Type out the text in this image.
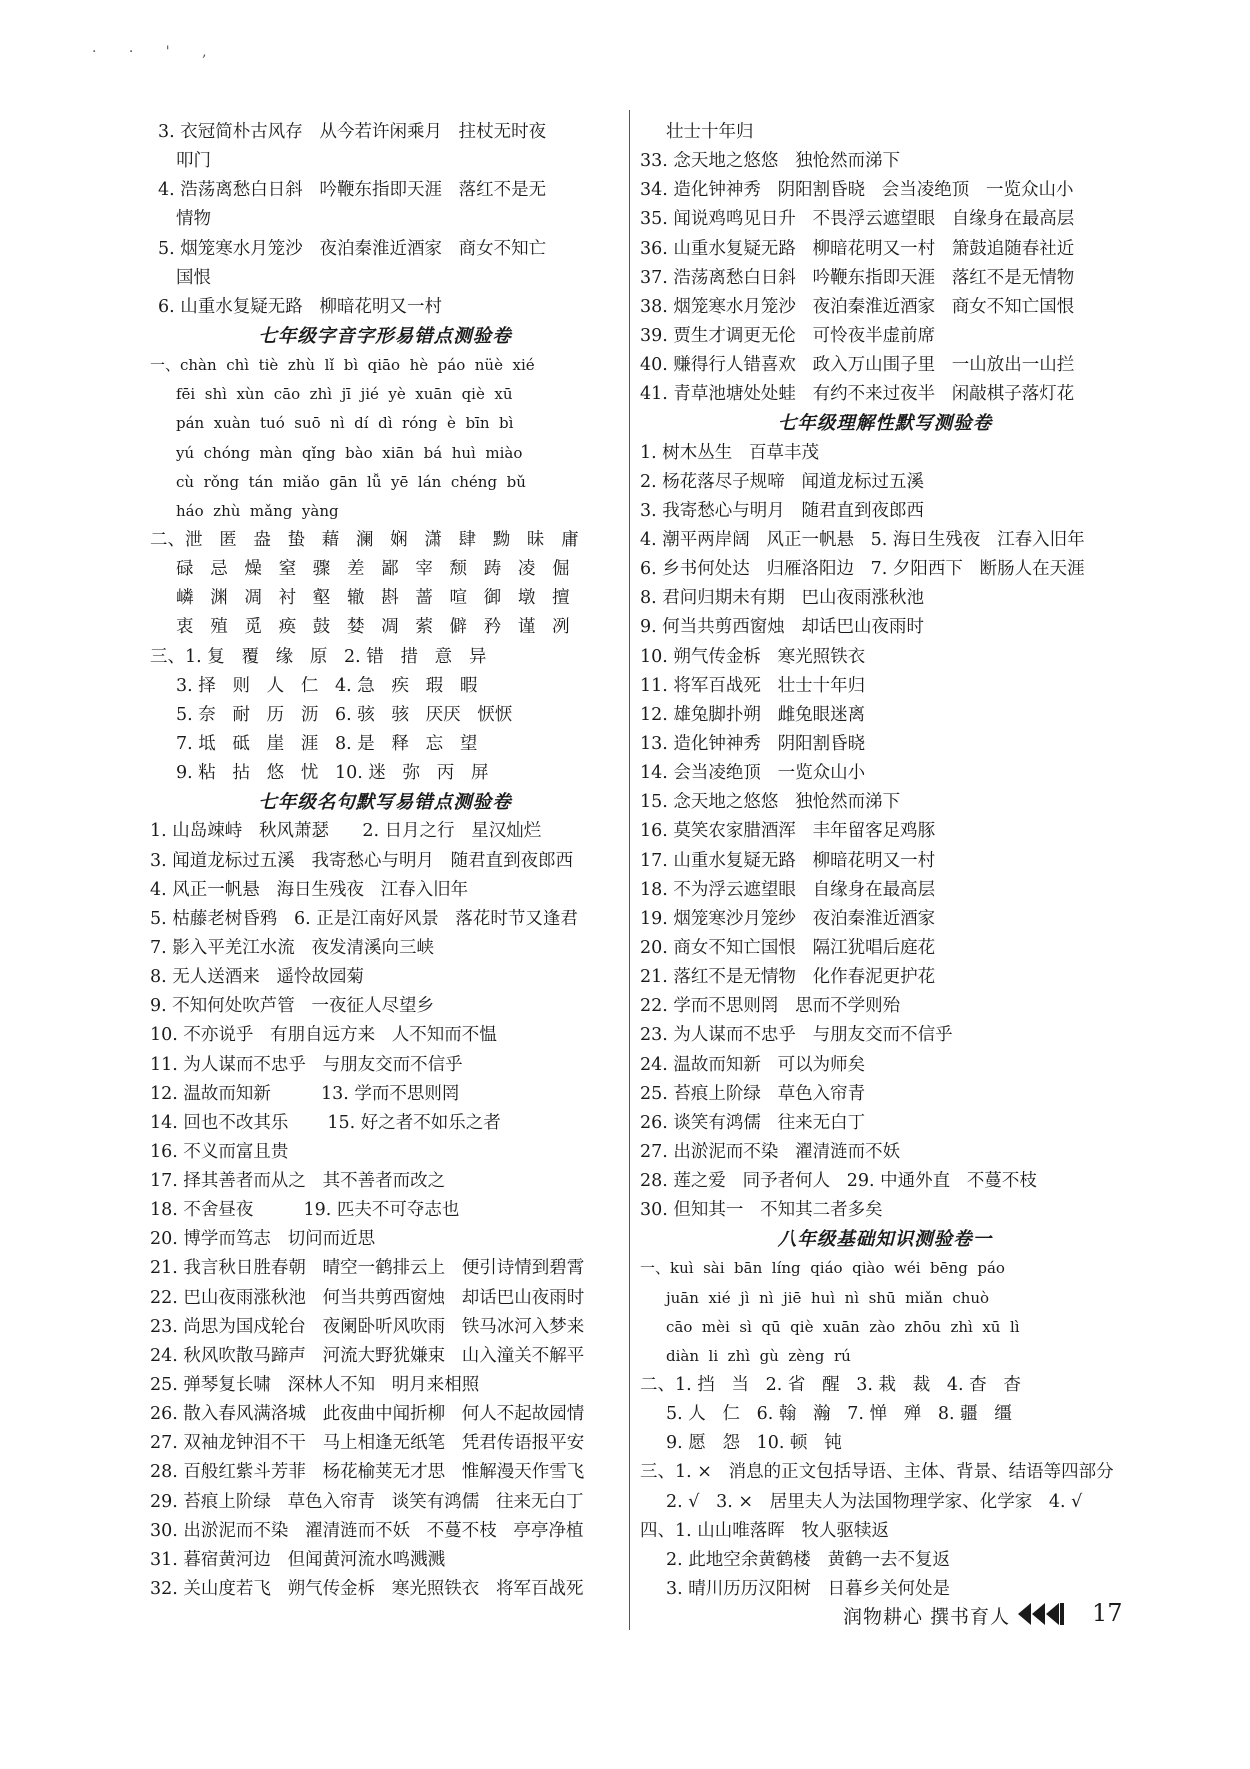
· · ' ,
3. 衣冠简朴古风存   从今若许闲乘月   拄杖无时夜
叩门
4. 浩荡离愁白日斜   吟鞭东指即天涯   落红不是无
情物
5. 烟笼寒水月笼沙   夜泊秦淮近酒家   商女不知亡
国恨
6. 山重水复疑无路   柳暗花明又一村
七年级字音字形易错点测验卷
一、chàn  chì  tiè  zhù  lǐ  bì  qiāo  hè  páo  nüè  xié
fēi  shì  xùn  cāo  zhì  jī  jié  yè  xuān  qiè  xū
pán  xuàn  tuó  suō  nì  dí  dì  róng  è  bīn  bì
yú  chóng  màn  qǐng  bào  xiān  bá  huì  miào
cù  rǒng  tán  miǎo  gān  lǚ  yē  lán  chéng  bǔ
háo  zhù  mǎng  yàng
二、泄   匿   盎   蛰   藉   澜   娴   潇   肆   黝   昧   庸
碌   忌   燥   窒   骤   差   鄙   宰   颓   踌   凌   倔
嶙   渊   凋   衬   壑   辙   斟   蔷   喧   御   墩   擅
衷   殖   觅   痪   鼓   婪   凋   萦   僻   矜   谨   冽
三、1. 复   覆   缘   原   2. 错   措   意   异
3. 择   则   人   仁   4. 急   疾   瑕   暇
5. 奈   耐   历   沥   6. 骇   骇   厌厌   恹恹
7. 坻   砥   崖   涯   8. 是   释   忘   望
9. 粘   拈   悠   忧   10. 迷   弥   丙   屏
七年级名句默写易错点测验卷
1. 山岛竦峙   秋风萧瑟      2. 日月之行   星汉灿烂
3. 闻道龙标过五溪   我寄愁心与明月   随君直到夜郎西
4. 风正一帆悬   海日生残夜   江春入旧年
5. 枯藤老树昏鸦   6. 正是江南好风景   落花时节又逢君
7. 影入平羌江水流   夜发清溪向三峡
8. 无人送酒来   遥怜故园菊
9. 不知何处吹芦管   一夜征人尽望乡
10. 不亦说乎   有朋自远方来   人不知而不愠
11. 为人谋而不忠乎   与朋友交而不信乎
12. 温故而知新         13. 学而不思则罔
14. 回也不改其乐       15. 好之者不如乐之者
16. 不义而富且贵
17. 择其善者而从之   其不善者而改之
18. 不舍昼夜         19. 匹夫不可夺志也
20. 博学而笃志   切问而近思
21. 我言秋日胜春朝   晴空一鹤排云上   便引诗情到碧霄
22. 巴山夜雨涨秋池   何当共剪西窗烛   却话巴山夜雨时
23. 尚思为国戍轮台   夜阑卧听风吹雨   铁马冰河入梦来
24. 秋风吹散马蹄声   河流大野犹嫌束   山入潼关不解平
25. 弹琴复长啸   深林人不知   明月来相照
26. 散入春风满洛城   此夜曲中闻折柳   何人不起故园情
27. 双袖龙钟泪不干   马上相逢无纸笔   凭君传语报平安
28. 百般红紫斗芳菲   杨花榆荚无才思   惟解漫天作雪飞
29. 苔痕上阶绿   草色入帘青   谈笑有鸿儒   往来无白丁
30. 出淤泥而不染   濯清涟而不妖   不蔓不枝   亭亭净植
31. 暮宿黄河边   但闻黄河流水鸣溅溅
32. 关山度若飞   朔气传金柝   寒光照铁衣   将军百战死
壮士十年归
33. 念天地之悠悠   独怆然而涕下
34. 造化钟神秀   阴阳割昏晓   会当凌绝顶   一览众山小
35. 闻说鸡鸣见日升   不畏浮云遮望眼   自缘身在最高层
36. 山重水复疑无路   柳暗花明又一村   箫鼓追随春社近
37. 浩荡离愁白日斜   吟鞭东指即天涯   落红不是无情物
38. 烟笼寒水月笼沙   夜泊秦淮近酒家   商女不知亡国恨
39. 贾生才调更无伦   可怜夜半虚前席
40. 赚得行人错喜欢   政入万山围子里   一山放出一山拦
41. 青草池塘处处蛙   有约不来过夜半   闲敲棋子落灯花
七年级理解性默写测验卷
1. 树木丛生   百草丰茂
2. 杨花落尽子规啼   闻道龙标过五溪
3. 我寄愁心与明月   随君直到夜郎西
4. 潮平两岸阔   风正一帆悬   5. 海日生残夜   江春入旧年
6. 乡书何处达   归雁洛阳边   7. 夕阳西下   断肠人在天涯
8. 君问归期未有期   巴山夜雨涨秋池
9. 何当共剪西窗烛   却话巴山夜雨时
10. 朔气传金柝   寒光照铁衣
11. 将军百战死   壮士十年归
12. 雄兔脚扑朔   雌兔眼迷离
13. 造化钟神秀   阴阳割昏晓
14. 会当凌绝顶   一览众山小
15. 念天地之悠悠   独怆然而涕下
16. 莫笑农家腊酒浑   丰年留客足鸡豚
17. 山重水复疑无路   柳暗花明又一村
18. 不为浮云遮望眼   自缘身在最高层
19. 烟笼寒沙月笼纱   夜泊秦淮近酒家
20. 商女不知亡国恨   隔江犹唱后庭花
21. 落红不是无情物   化作春泥更护花
22. 学而不思则罔   思而不学则殆
23. 为人谋而不忠乎   与朋友交而不信乎
24. 温故而知新   可以为师矣
25. 苔痕上阶绿   草色入帘青
26. 谈笑有鸿儒   往来无白丁
27. 出淤泥而不染   濯清涟而不妖
28. 莲之爱   同予者何人   29. 中通外直   不蔓不枝
30. 但知其一   不知其二者多矣
八年级基础知识测验卷一
一、kuì  sài  bān  líng  qiáo  qiào  wéi  bēng  páo
juān  xié  jì  nì  jiē  huì  nì  shū  miǎn  chuò
cāo  mèi  sì  qū  qiè  xuān  zào  zhōu  zhì  xū  lì
diàn  li  zhì  gù  zèng  rú
二、1. 挡   当   2. 省   醒   3. 栽   裁   4. 杳   杳
5. 人   仁   6. 翰   瀚   7. 惮   殚   8. 疆   缰
9. 愿   怨   10. 顿   钝
三、1. ×   消息的正文包括导语、主体、背景、结语等四部分
2. √   3. ×   居里夫人为法国物理学家、化学家   4. √
四、1. 山山唯落晖   牧人驱犊返
2. 此地空余黄鹤楼   黄鹤一去不复返
3. 晴川历历汉阳树   日暮乡关何处是
润物耕心 撰书育人	17
